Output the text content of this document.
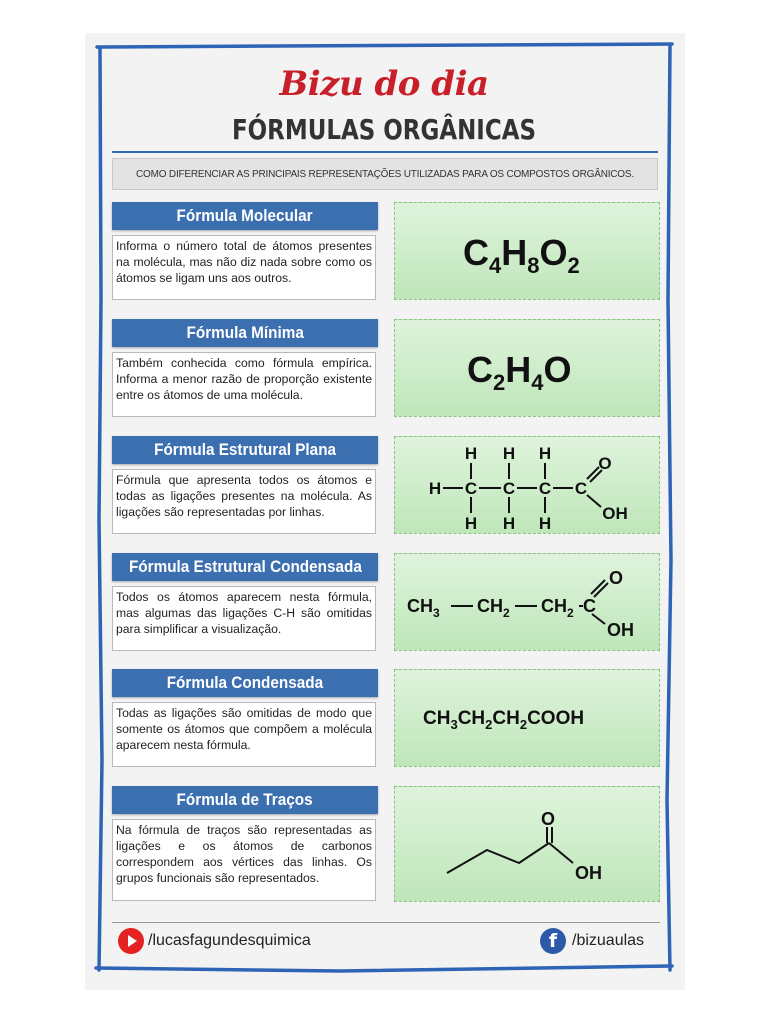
Bizu do dia
FÓRMULAS ORGÂNICAS
COMO DIFERENCIAR AS PRINCIPAIS REPRESENTAÇÕES UTILIZADAS PARA OS COMPOSTOS ORGÂNICOS.
Fórmula Molecular
Informa o número total de átomos presentes na molécula, mas não diz nada sobre como os átomos se ligam uns aos outros.
$C_4H_8O_2$
Fórmula Mínima
Também conhecida como fórmula empírica. Informa a menor razão de proporção existente entre os átomos de uma molécula.
$C_2H_4O$
Fórmula Estrutural Plana
Fórmula que apresenta todos os átomos e todas as ligações presentes na molécula. As ligações são representadas por linhas.
H H H
H C C C C
H H H
O
OH
Fórmula Estrutural Condensada
Todos os átomos aparecem nesta fórmula, mas algumas das ligações C-H são omitidas para simplificar a visualização.
$CH_3$ $CH_2$ $CH_2$ C
O
OH
Fórmula Condensada
Todas as ligações são omitidas de modo que somente os átomos que compõem a molécula aparecem nesta fórmula.
$CH_3CH_2CH_2COOH$
Fórmula de Traços
Na fórmula de traços são representadas as ligações e os átomos de carbonos correspondem aos vértices das linhas. Os grupos funcionais são representados.
O
OH
/lucasfagundesquimica	f /bizuaulas
